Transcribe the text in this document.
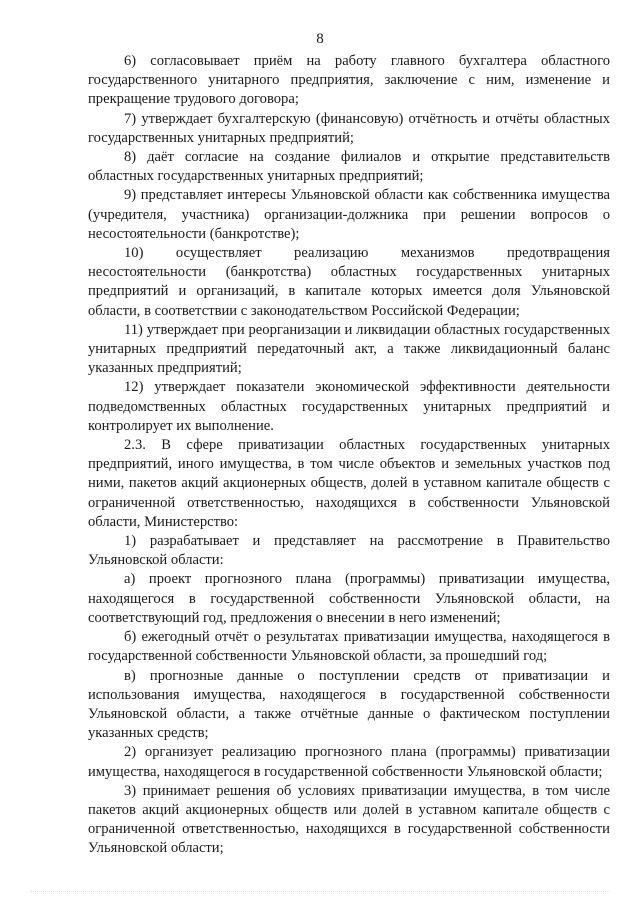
8

6) согласовывает приём на работу главного бухгалтера областного государственного унитарного предприятия, заключение с ним, изменение и прекращение трудового договора;

7) утверждает бухгалтерскую (финансовую) отчётность и отчёты областных государственных унитарных предприятий;

8) даёт согласие на создание филиалов и открытие представительств областных государственных унитарных предприятий;

9) представляет интересы Ульяновской области как собственника имущества (учредителя, участника) организации-должника при решении вопросов о несостоятельности (банкротстве);

10) осуществляет реализацию механизмов предотвращения несостоятельности (банкротства) областных государственных унитарных предприятий и организаций, в капитале которых имеется доля Ульяновской области, в соответствии с законодательством Российской Федерации;

11) утверждает при реорганизации и ликвидации областных государственных унитарных предприятий передаточный акт, а также ликвидационный баланс указанных предприятий;

12) утверждает показатели экономической эффективности деятельности подведомственных областных государственных унитарных предприятий и контролирует их выполнение.

2.3. В сфере приватизации областных государственных унитарных предприятий, иного имущества, в том числе объектов и земельных участков под ними, пакетов акций акционерных обществ, долей в уставном капитале обществ с ограниченной ответственностью, находящихся в собственности Ульяновской области, Министерство:

1) разрабатывает и представляет на рассмотрение в Правительство Ульяновской области:

а) проект прогнозного плана (программы) приватизации имущества, находящегося в государственной собственности Ульяновской области, на соответствующий год, предложения о внесении в него изменений;

б) ежегодный отчёт о результатах приватизации имущества, находящегося в государственной собственности Ульяновской области, за прошедший год;

в) прогнозные данные о поступлении средств от приватизации и использования имущества, находящегося в государственной собственности Ульяновской области, а также отчётные данные о фактическом поступлении указанных средств;

2) организует реализацию прогнозного плана (программы) приватизации имущества, находящегося в государственной собственности Ульяновской области;

3) принимает решения об условиях приватизации имущества, в том числе пакетов акций акционерных обществ или долей в уставном капитале обществ с ограниченной ответственностью, находящихся в государственной собственности Ульяновской области;
